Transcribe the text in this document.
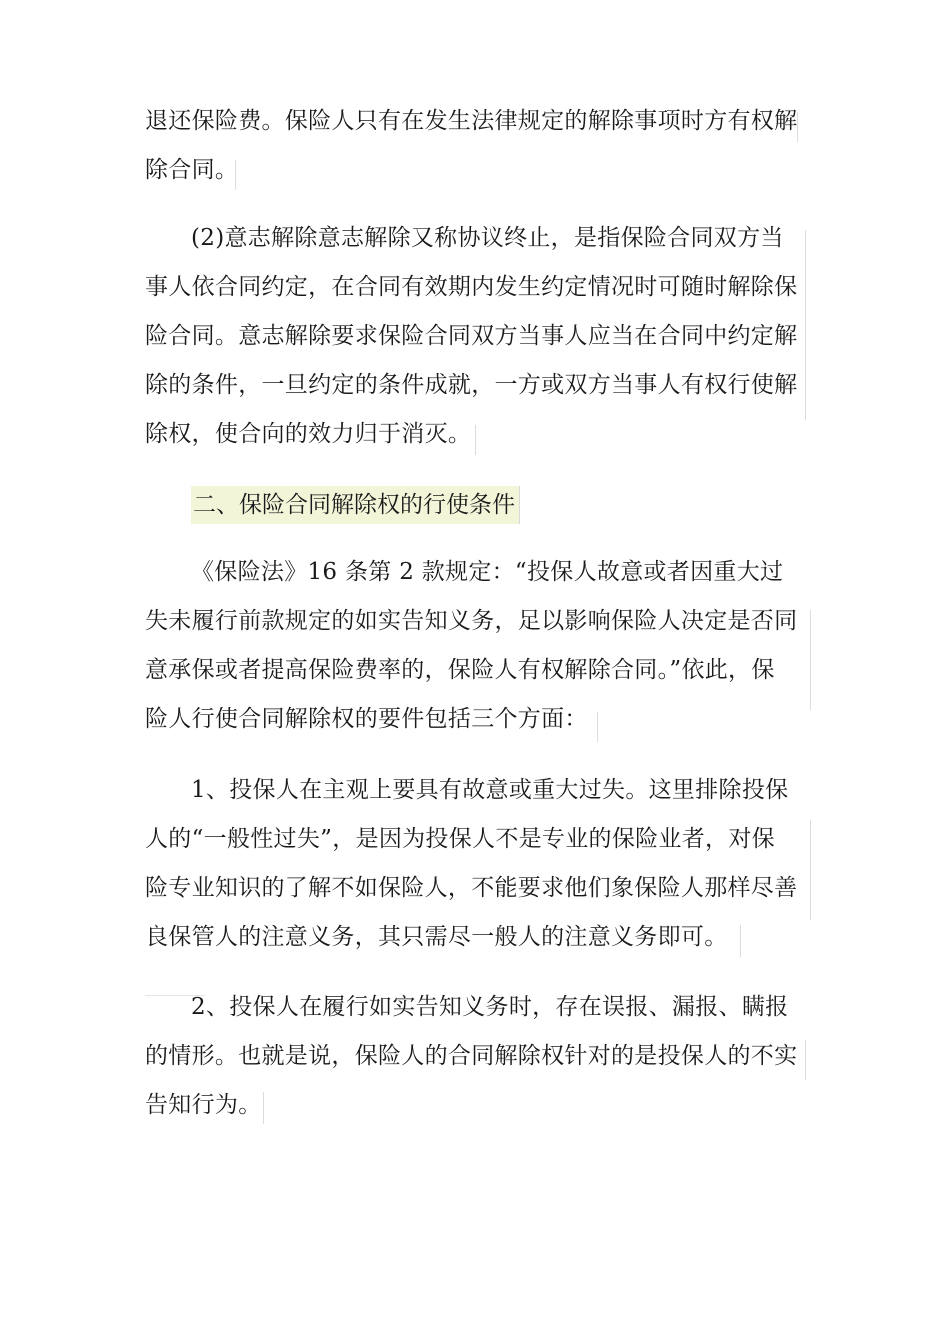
退还保险费。保险人只有在发生法律规定的解除事项时方有权解
除合同。
(2)意志解除意志解除又称协议终止，是指保险合同双方当
事人依合同约定，在合同有效期内发生约定情况时可随时解除保
险合同。意志解除要求保险合同双方当事人应当在合同中约定解
除的条件，一旦约定的条件成就，一方或双方当事人有权行使解
除权，使合向的效力归于消灭。
二、保险合同解除权的行使条件
《保险法》16 条第 2 款规定：“投保人故意或者因重大过
失未履行前款规定的如实告知义务，足以影响保险人决定是否同
意承保或者提高保险费率的，保险人有权解除合同。”依此，保
险人行使合同解除权的要件包括三个方面：
1、投保人在主观上要具有故意或重大过失。这里排除投保
人的“一般性过失”，是因为投保人不是专业的保险业者，对保
险专业知识的了解不如保险人，不能要求他们象保险人那样尽善
良保管人的注意义务，其只需尽一般人的注意义务即可。
2、投保人在履行如实告知义务时，存在误报、漏报、瞒报
的情形。也就是说，保险人的合同解除权针对的是投保人的不实
告知行为。
